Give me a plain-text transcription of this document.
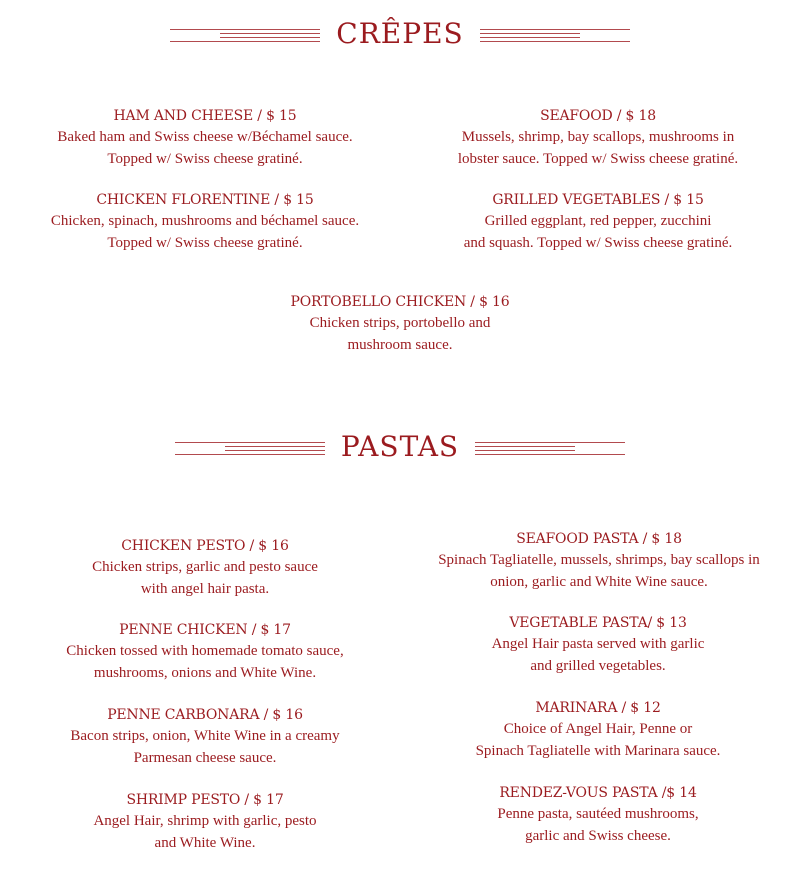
CRÊPES
HAM AND CHEESE / $ 15
Baked ham and Swiss cheese w/Béchamel sauce.
Topped w/ Swiss cheese gratiné.
SEAFOOD / $ 18
Mussels, shrimp, bay scallops, mushrooms in
lobster sauce. Topped w/ Swiss cheese gratiné.
CHICKEN FLORENTINE / $ 15
Chicken, spinach, mushrooms and béchamel sauce.
Topped w/ Swiss cheese gratiné.
GRILLED VEGETABLES / $ 15
Grilled eggplant, red pepper, zucchini
and squash. Topped w/ Swiss cheese gratiné.
PORTOBELLO CHICKEN / $ 16
Chicken strips, portobello and
mushroom sauce.
PASTAS
CHICKEN PESTO / $ 16
Chicken strips, garlic and pesto sauce
with angel hair pasta.
SEAFOOD PASTA / $ 18
Spinach Tagliatelle, mussels, shrimps, bay scallops in
onion, garlic and White Wine sauce.
PENNE CHICKEN / $ 17
Chicken tossed with homemade tomato sauce,
mushrooms, onions and White Wine.
VEGETABLE PASTA/ $ 13
Angel Hair pasta served with garlic
and grilled vegetables.
PENNE CARBONARA / $ 16
Bacon strips, onion, White Wine in a creamy
Parmesan cheese sauce.
MARINARA / $ 12
Choice of Angel Hair, Penne or
Spinach Tagliatelle with Marinara sauce.
SHRIMP PESTO / $ 17
Angel Hair, shrimp with garlic, pesto
and White Wine.
RENDEZ-VOUS PASTA /$ 14
Penne pasta, sautéed mushrooms,
garlic and Swiss cheese.
